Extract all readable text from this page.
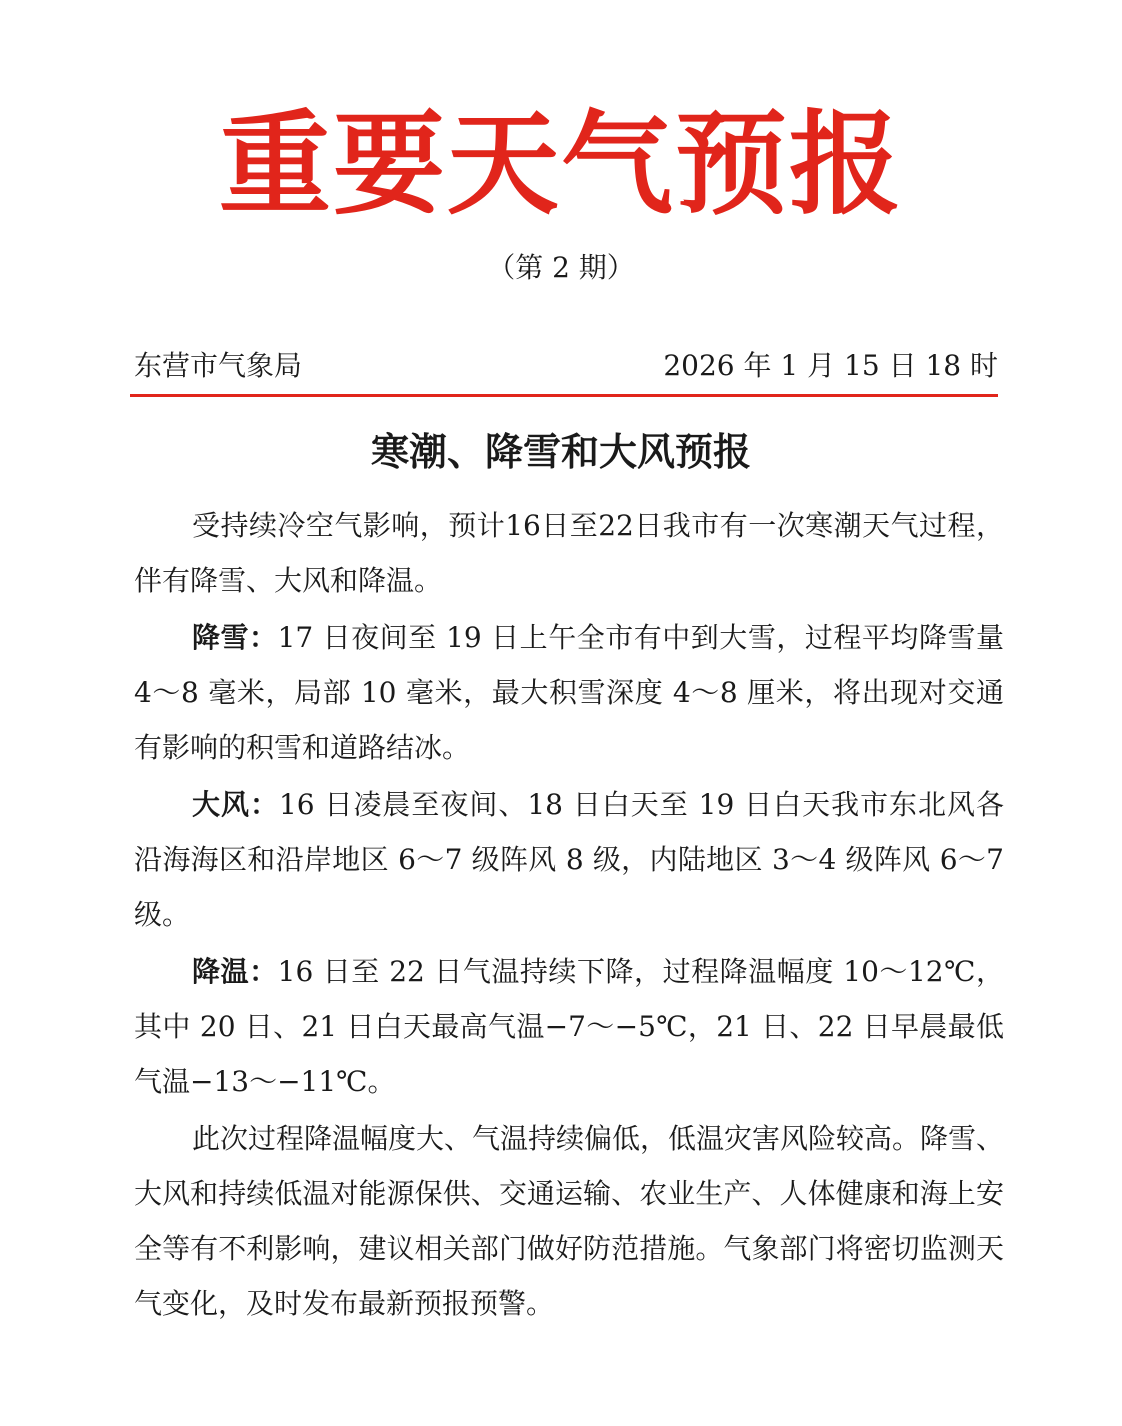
重要天气预报
（第 2 期）
东营市气象局	2026 年 1 月 15 日 18 时
寒潮、降雪和大风预报

受持续冷空气影响，预计16日至22日我市有一次寒潮天气过程，伴有降雪、大风和降温。

降雪：17 日夜间至 19 日上午全市有中到大雪，过程平均降雪量 4～8 毫米，局部 10 毫米，最大积雪深度 4～8 厘米，将出现对交通有影响的积雪和道路结冰。

大风：16 日凌晨至夜间、18 日白天至 19 日白天我市东北风各沿海海区和沿岸地区 6～7 级阵风 8 级，内陆地区 3～4 级阵风 6～7 级。

降温：16 日至 22 日气温持续下降，过程降温幅度 10～12℃，其中 20 日、21 日白天最高气温−7～−5℃，21 日、22 日早晨最低气温−13～−11℃。

此次过程降温幅度大、气温持续偏低，低温灾害风险较高。降雪、大风和持续低温对能源保供、交通运输、农业生产、人体健康和海上安全等有不利影响，建议相关部门做好防范措施。气象部门将密切监测天气变化，及时发布最新预报预警。
